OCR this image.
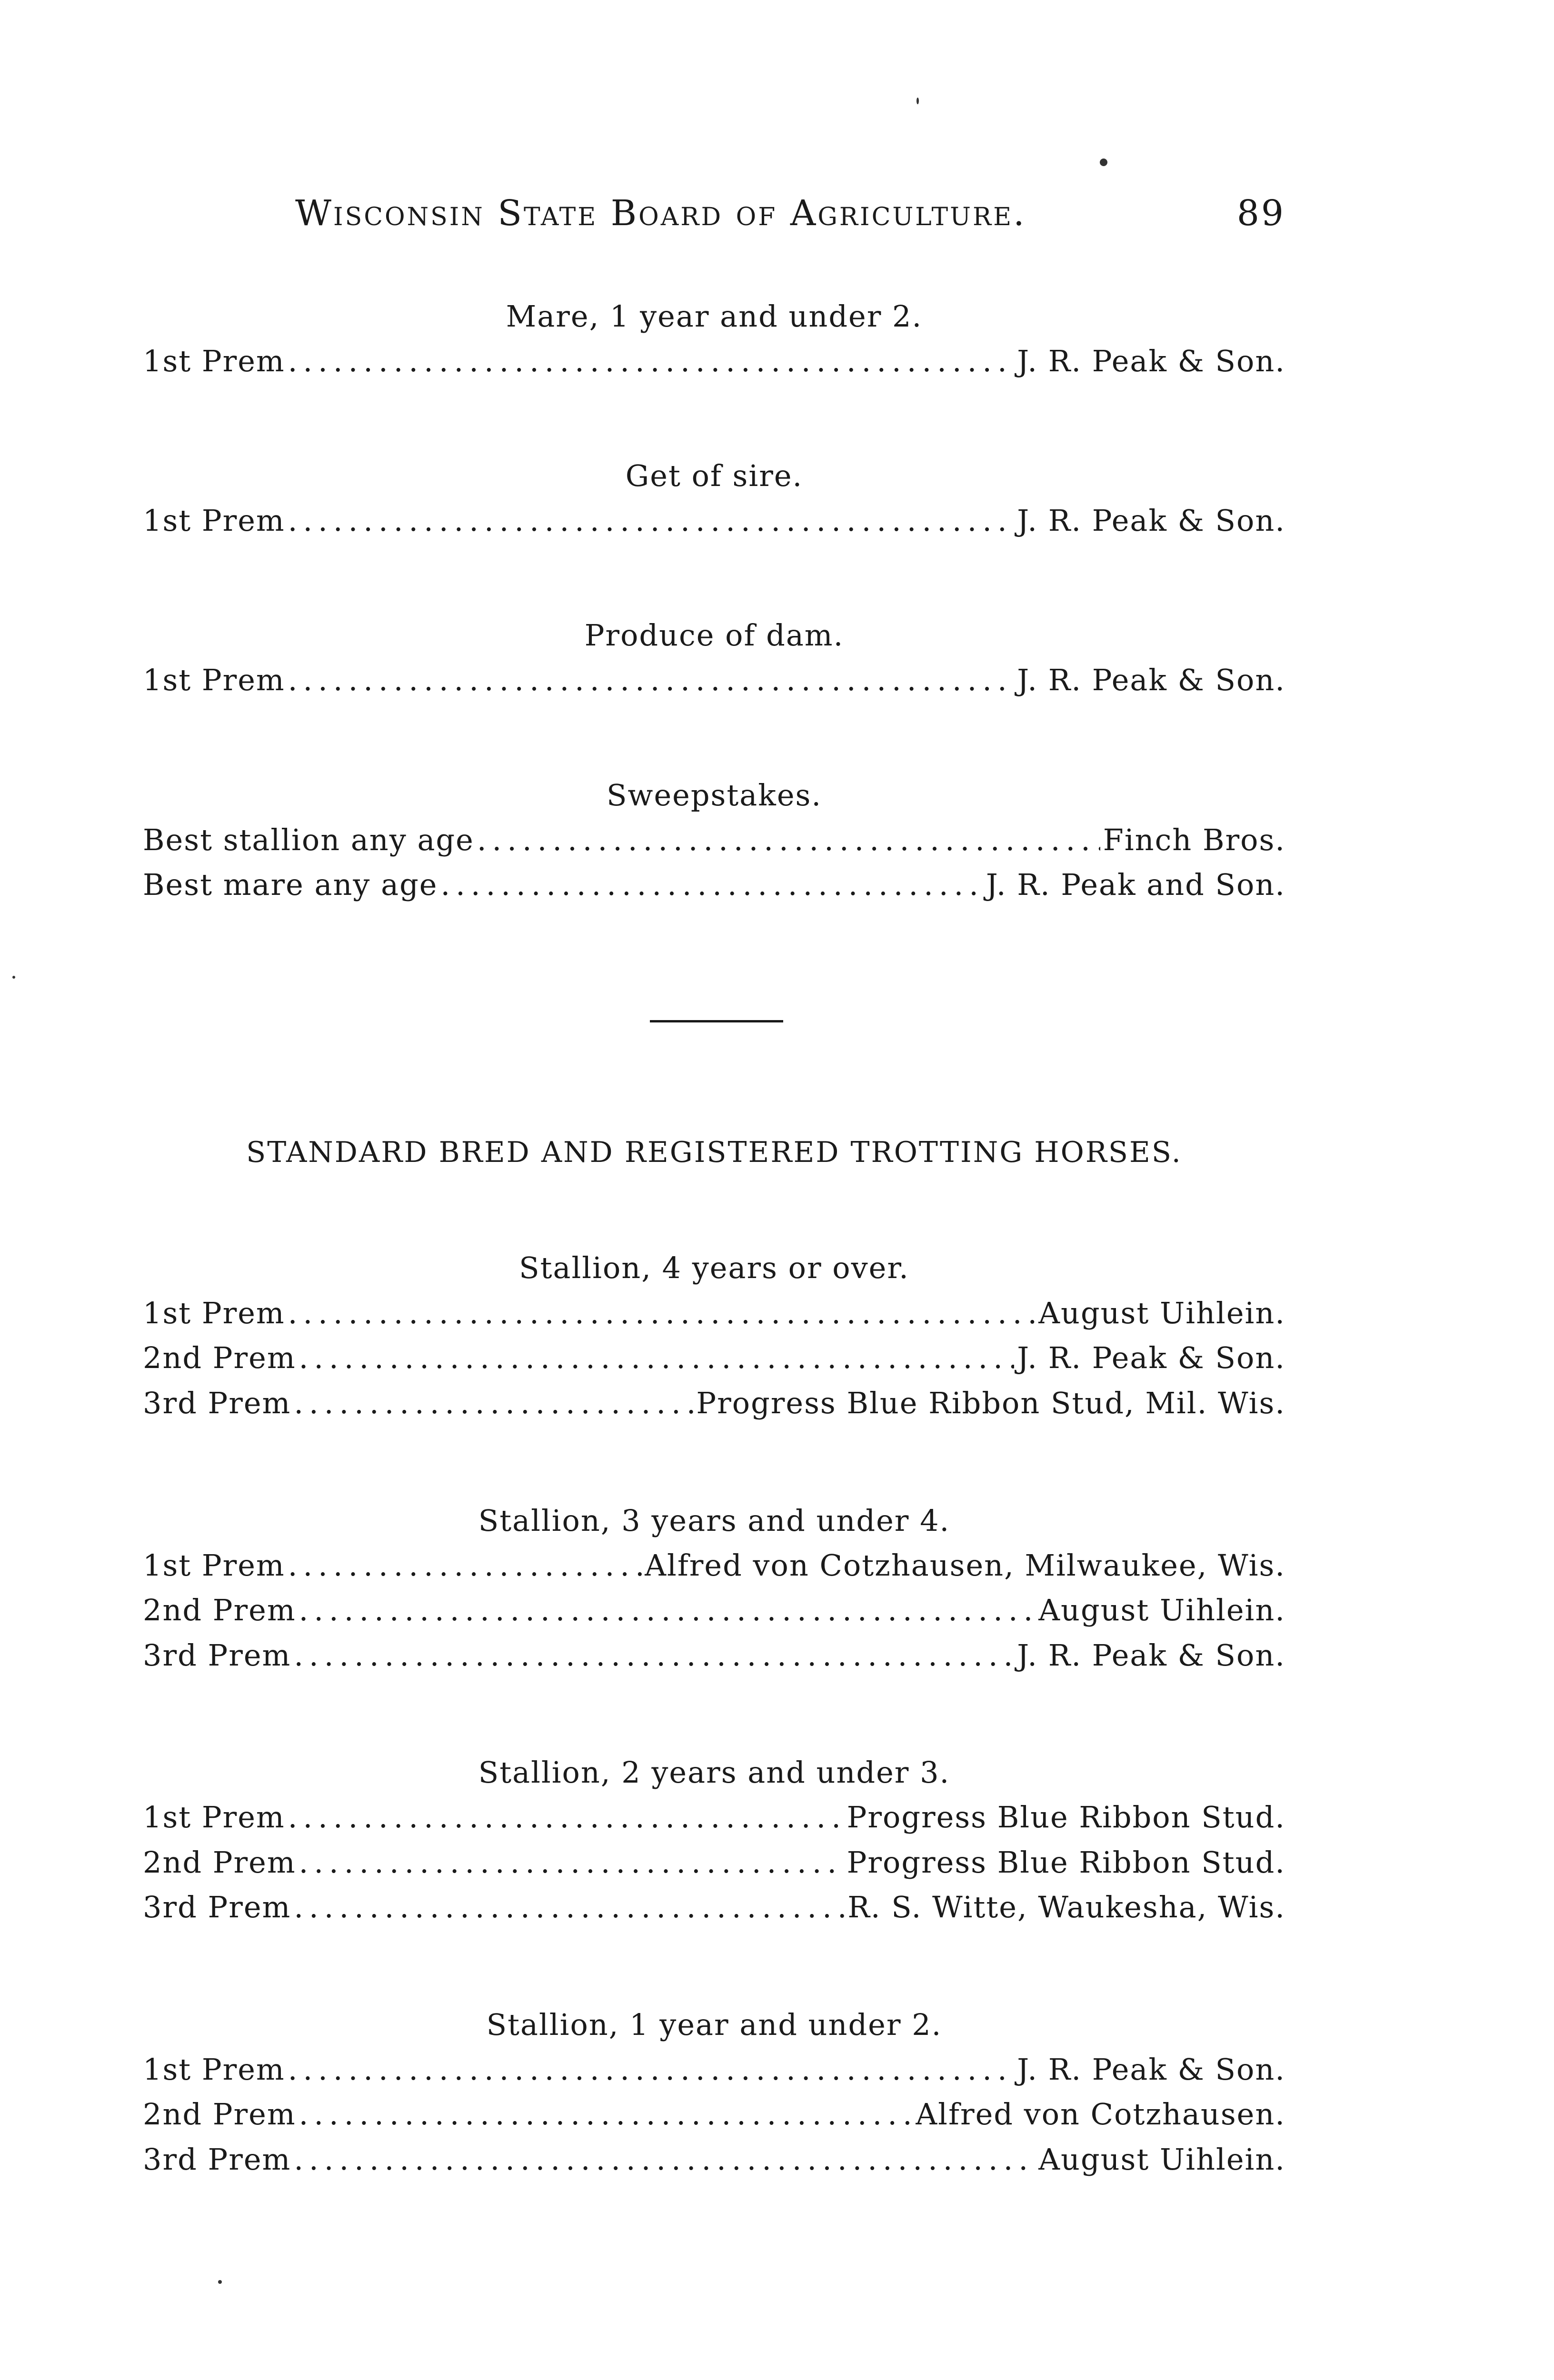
Wisconsin State Board of Agriculture.	89
Mare, 1 year and under 2.
1st Prem .....	J. R. Peak & Son.
Get of sire.
1st Prem .....	J. R. Peak & Son.
Produce of dam.
1st Prem .....	J. R. Peak & Son.
Sweepstakes.
Best stallion any age .....	Finch Bros.
Best mare any age .....	J. R. Peak and Son.
STANDARD BRED AND REGISTERED TROTTING HORSES.
Stallion, 4 years or over.
1st Prem .....	August Uihlein.
2nd Prem .....	J. R. Peak & Son.
3rd Prem .....	Progress Blue Ribbon Stud, Mil. Wis.
Stallion, 3 years and under 4.
1st Prem .....	Alfred von Cotzhausen, Milwaukee, Wis.
2nd Prem .....	August Uihlein.
3rd Prem .....	J. R. Peak & Son.
Stallion, 2 years and under 3.
1st Prem .....	Progress Blue Ribbon Stud.
2nd Prem .....	Progress Blue Ribbon Stud.
3rd Prem .....	R. S. Witte, Waukesha, Wis.
Stallion, 1 year and under 2.
1st Prem .....	J. R. Peak & Son.
2nd Prem .....	Alfred von Cotzhausen.
3rd Prem .....	August Uihlein.
